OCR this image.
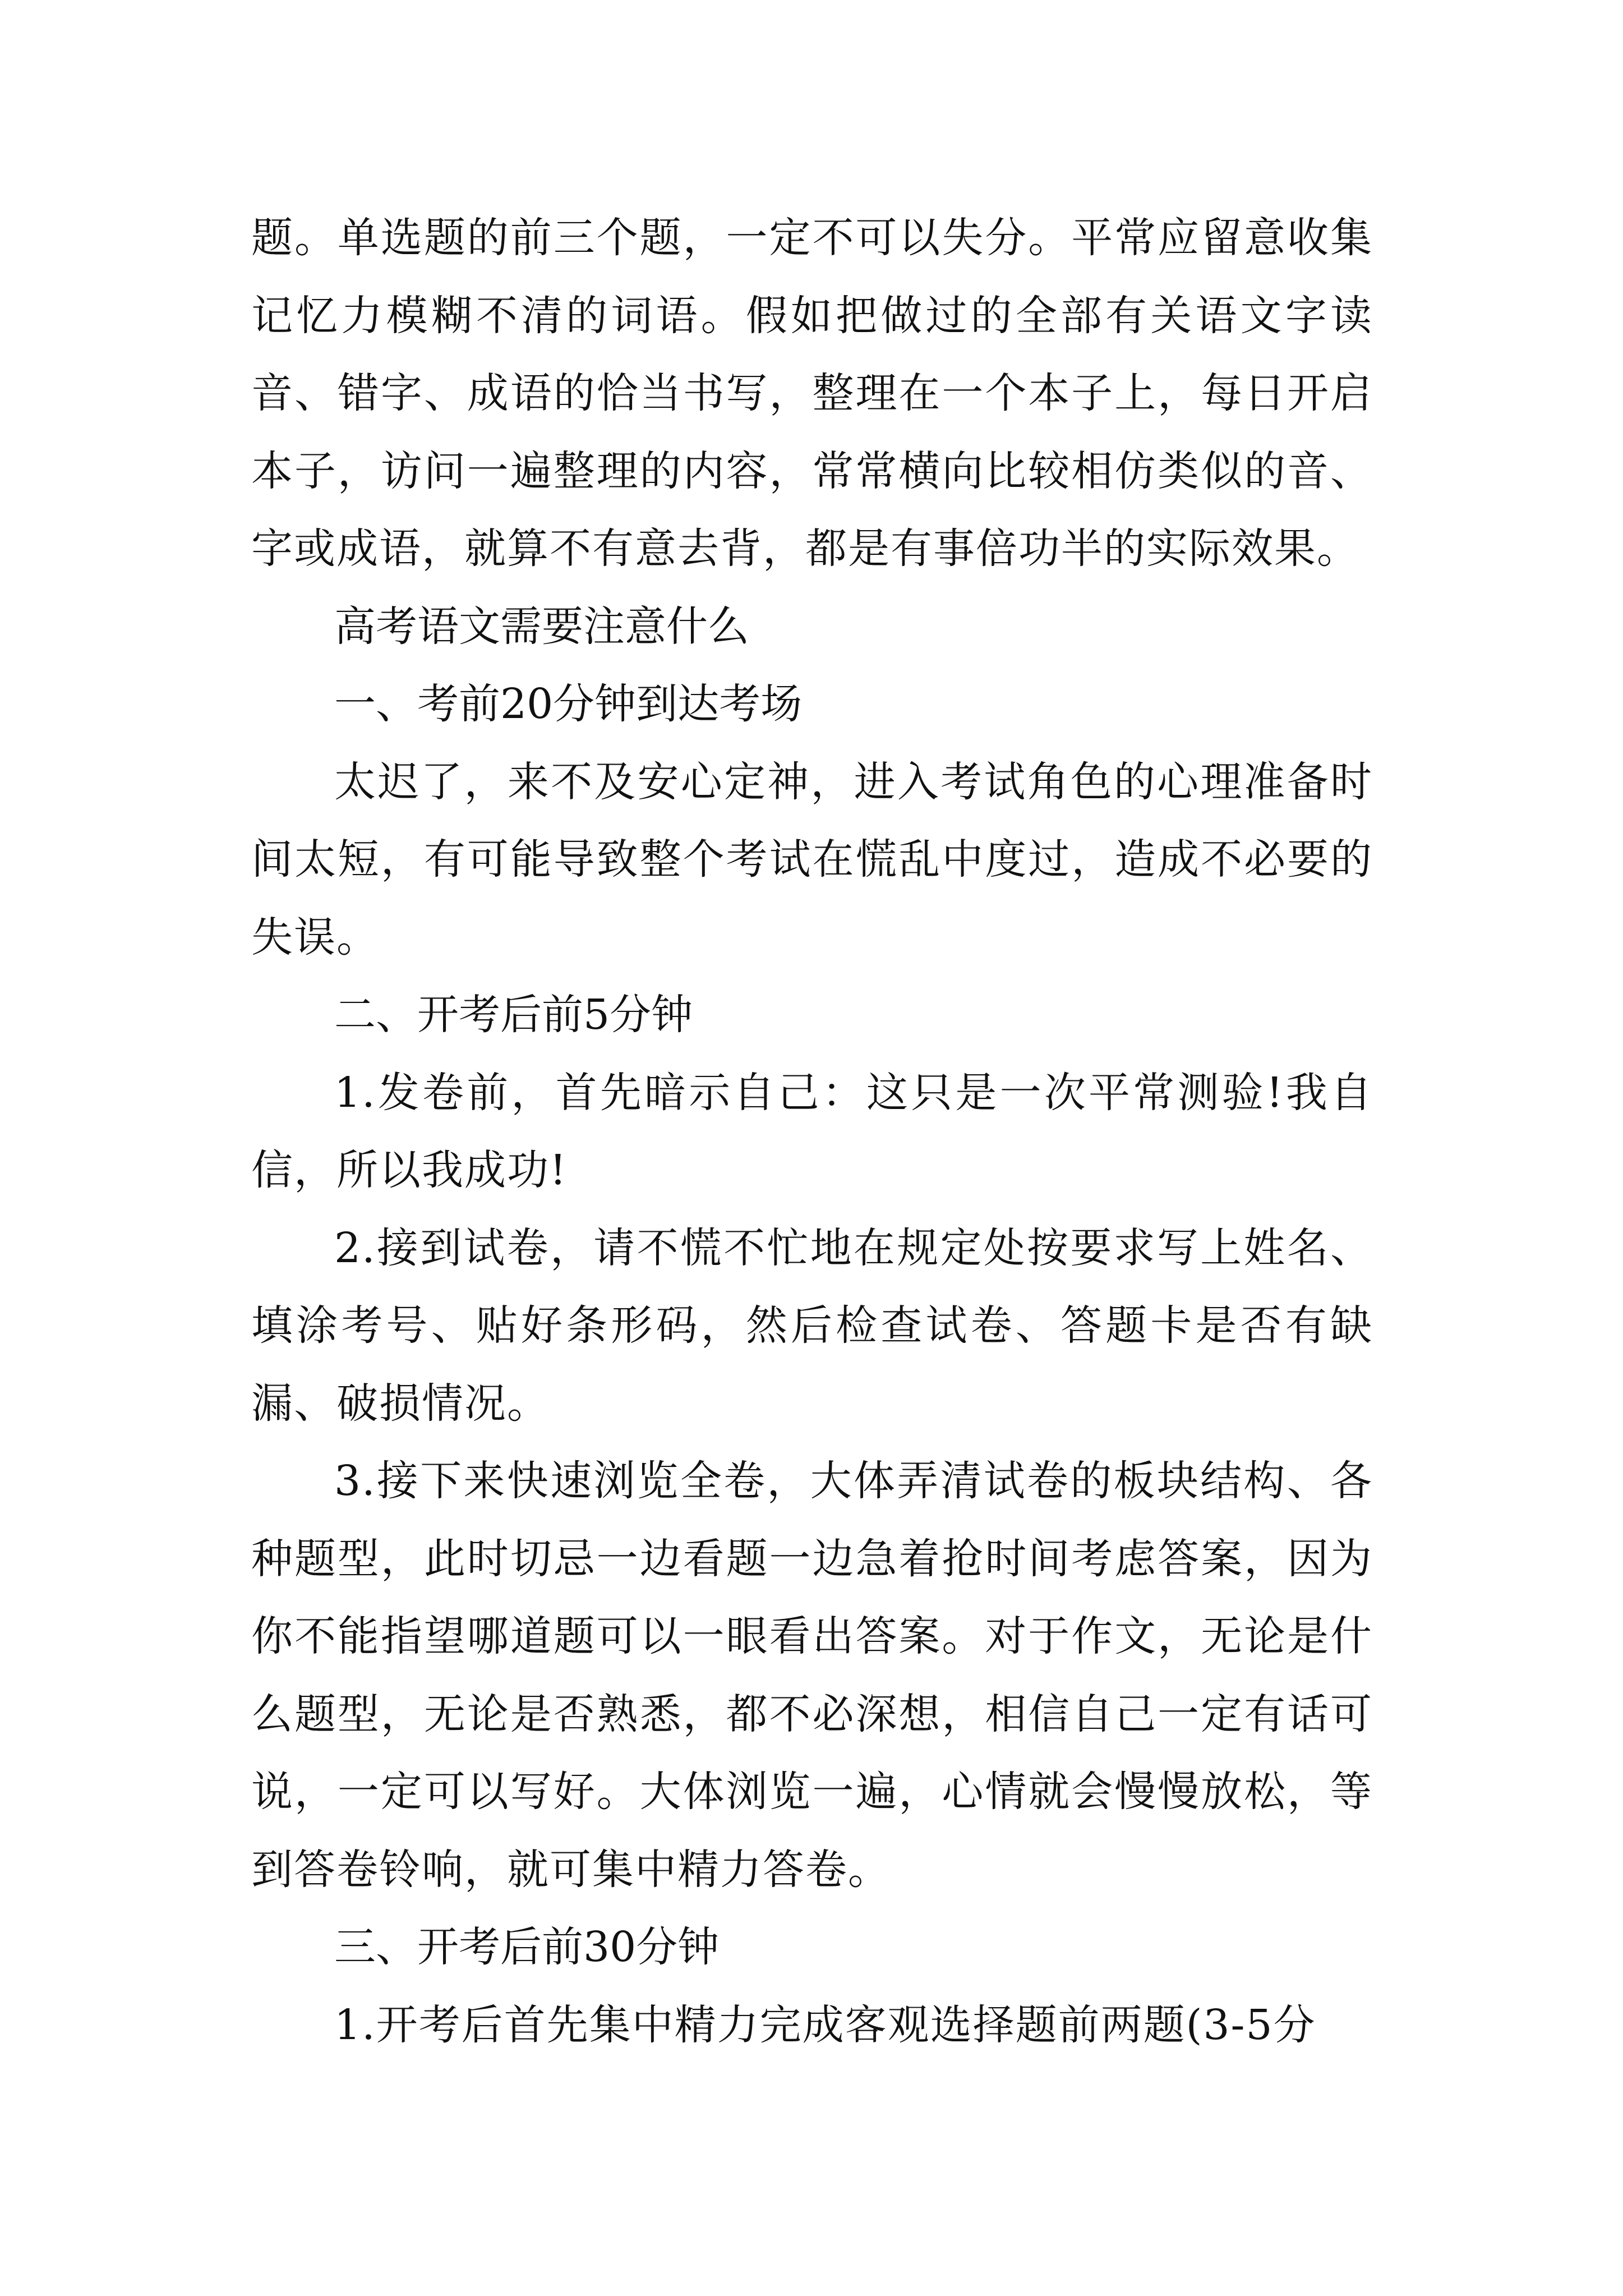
题。单选题的前三个题，一定不可以失分。平常应留意收集记忆力模糊不清的词语。假如把做过的全部有关语文字读音、错字、成语的恰当书写，整理在一个本子上，每日开启本子，访问一遍整理的内容，常常横向比较相仿类似的音、字或成语，就算不有意去背，都是有事倍功半的实际效果。

高考语文需要注意什么

一、考前20分钟到达考场

太迟了，来不及安心定神，进入考试角色的心理准备时间太短，有可能导致整个考试在慌乱中度过，造成不必要的失误。

二、开考后前5分钟

1.发卷前，首先暗示自己：这只是一次平常测验!我自信，所以我成功!

2.接到试卷，请不慌不忙地在规定处按要求写上姓名、填涂考号、贴好条形码，然后检查试卷、答题卡是否有缺漏、破损情况。

3.接下来快速浏览全卷，大体弄清试卷的板块结构、各种题型，此时切忌一边看题一边急着抢时间考虑答案，因为你不能指望哪道题可以一眼看出答案。对于作文，无论是什么题型，无论是否熟悉，都不必深想，相信自己一定有话可说，一定可以写好。大体浏览一遍，心情就会慢慢放松，等到答卷铃响，就可集中精力答卷。

三、开考后前30分钟

1.开考后首先集中精力完成客观选择题前两题(3-5分
